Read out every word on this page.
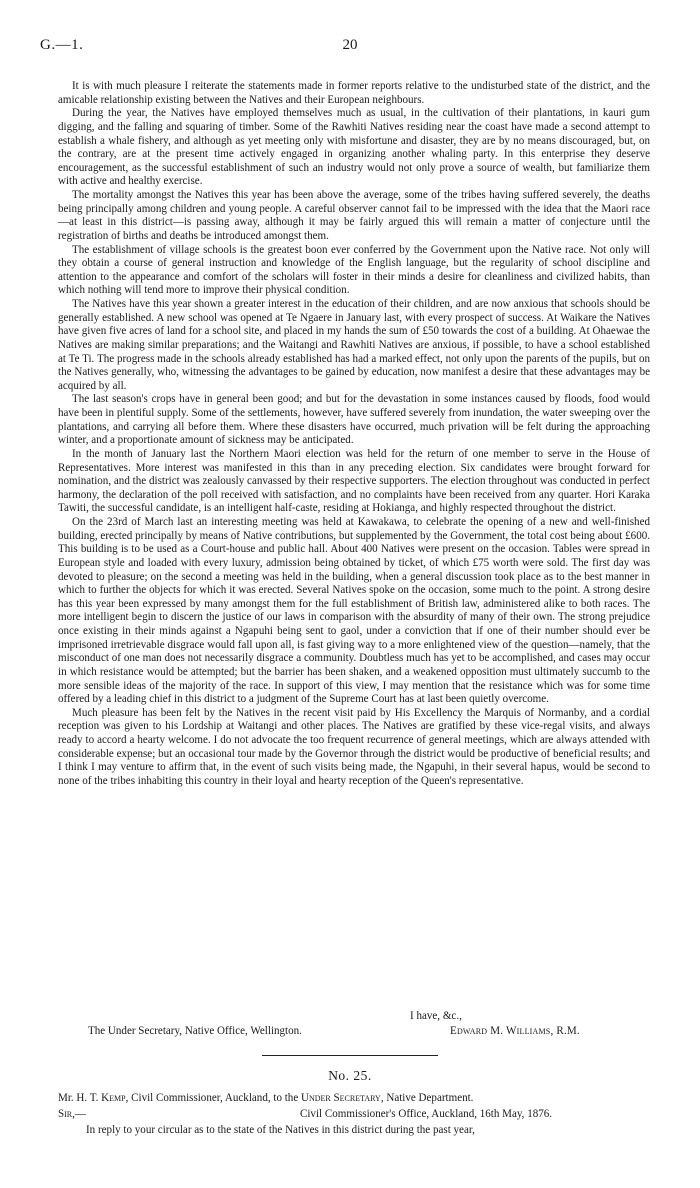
G.—1.	20

It is with much pleasure I reiterate the statements made in former reports relative to the undisturbed state of the district, and the amicable relationship existing between the Natives and their European neighbours.

During the year, the Natives have employed themselves much as usual, in the cultivation of their plantations, in kauri gum digging, and the falling and squaring of timber. Some of the Rawhiti Natives residing near the coast have made a second attempt to establish a whale fishery, and although as yet meeting only with misfortune and disaster, they are by no means discouraged, but, on the contrary, are at the present time actively engaged in organizing another whaling party. In this enterprise they deserve encouragement, as the successful establishment of such an industry would not only prove a source of wealth, but familiarize them with active and healthy exercise.

The mortality amongst the Natives this year has been above the average, some of the tribes having suffered severely, the deaths being principally among children and young people. A careful observer cannot fail to be impressed with the idea that the Maori race—at least in this district—is passing away, although it may be fairly argued this will remain a matter of conjecture until the registration of births and deaths be introduced amongst them.

The establishment of village schools is the greatest boon ever conferred by the Government upon the Native race. Not only will they obtain a course of general instruction and knowledge of the English language, but the regularity of school discipline and attention to the appearance and comfort of the scholars will foster in their minds a desire for cleanliness and civilized habits, than which nothing will tend more to improve their physical condition.

The Natives have this year shown a greater interest in the education of their children, and are now anxious that schools should be generally established. A new school was opened at Te Ngaere in January last, with every prospect of success. At Waikare the Natives have given five acres of land for a school site, and placed in my hands the sum of £50 towards the cost of a building. At Ohaewae the Natives are making similar preparations; and the Waitangi and Rawhiti Natives are anxious, if possible, to have a school established at Te Ti. The progress made in the schools already established has had a marked effect, not only upon the parents of the pupils, but on the Natives generally, who, witnessing the advantages to be gained by education, now manifest a desire that these advantages may be acquired by all.

The last season's crops have in general been good; and but for the devastation in some instances caused by floods, food would have been in plentiful supply. Some of the settlements, however, have suffered severely from inundation, the water sweeping over the plantations, and carrying all before them. Where these disasters have occurred, much privation will be felt during the approaching winter, and a proportionate amount of sickness may be anticipated.

In the month of January last the Northern Maori election was held for the return of one member to serve in the House of Representatives. More interest was manifested in this than in any preceding election. Six candidates were brought forward for nomination, and the district was zealously canvassed by their respective supporters. The election throughout was conducted in perfect harmony, the declaration of the poll received with satisfaction, and no complaints have been received from any quarter. Hori Karaka Tawiti, the successful candidate, is an intelligent half-caste, residing at Hokianga, and highly respected throughout the district.

On the 23rd of March last an interesting meeting was held at Kawakawa, to celebrate the opening of a new and well-finished building, erected principally by means of Native contributions, but supplemented by the Government, the total cost being about £600. This building is to be used as a Court-house and public hall. About 400 Natives were present on the occasion. Tables were spread in European style and loaded with every luxury, admission being obtained by ticket, of which £75 worth were sold. The first day was devoted to pleasure; on the second a meeting was held in the building, when a general discussion took place as to the best manner in which to further the objects for which it was erected. Several Natives spoke on the occasion, some much to the point. A strong desire has this year been expressed by many amongst them for the full establishment of British law, administered alike to both races. The more intelligent begin to discern the justice of our laws in comparison with the absurdity of many of their own. The strong prejudice once existing in their minds against a Ngapuhi being sent to gaol, under a conviction that if one of their number should ever be imprisoned irretrievable disgrace would fall upon all, is fast giving way to a more enlightened view of the question—namely, that the misconduct of one man does not necessarily disgrace a community. Doubtless much has yet to be accomplished, and cases may occur in which resistance would be attempted; but the barrier has been shaken, and a weakened opposition must ultimately succumb to the more sensible ideas of the majority of the race. In support of this view, I may mention that the resistance which was for some time offered by a leading chief in this district to a judgment of the Supreme Court has at last been quietly overcome.

Much pleasure has been felt by the Natives in the recent visit paid by His Excellency the Marquis of Normanby, and a cordial reception was given to his Lordship at Waitangi and other places. The Natives are gratified by these vice-regal visits, and always ready to accord a hearty welcome. I do not advocate the too frequent recurrence of general meetings, which are always attended with considerable expense; but an occasional tour made by the Governor through the district would be productive of beneficial results; and I think I may venture to affirm that, in the event of such visits being made, the Ngapuhi, in their several hapus, would be second to none of the tribes inhabiting this country in their loyal and hearty reception of the Queen's representative.

I have, &c.,
The Under Secretary, Native Office, Wellington.	Edward M. Williams, R.M.
No. 25.
Mr. H. T. Kemp, Civil Commissioner, Auckland, to the Under Secretary, Native Department.
Sir,—	Civil Commissioner's Office, Auckland, 16th May, 1876.
In reply to your circular as to the state of the Natives in this district during the past year,
